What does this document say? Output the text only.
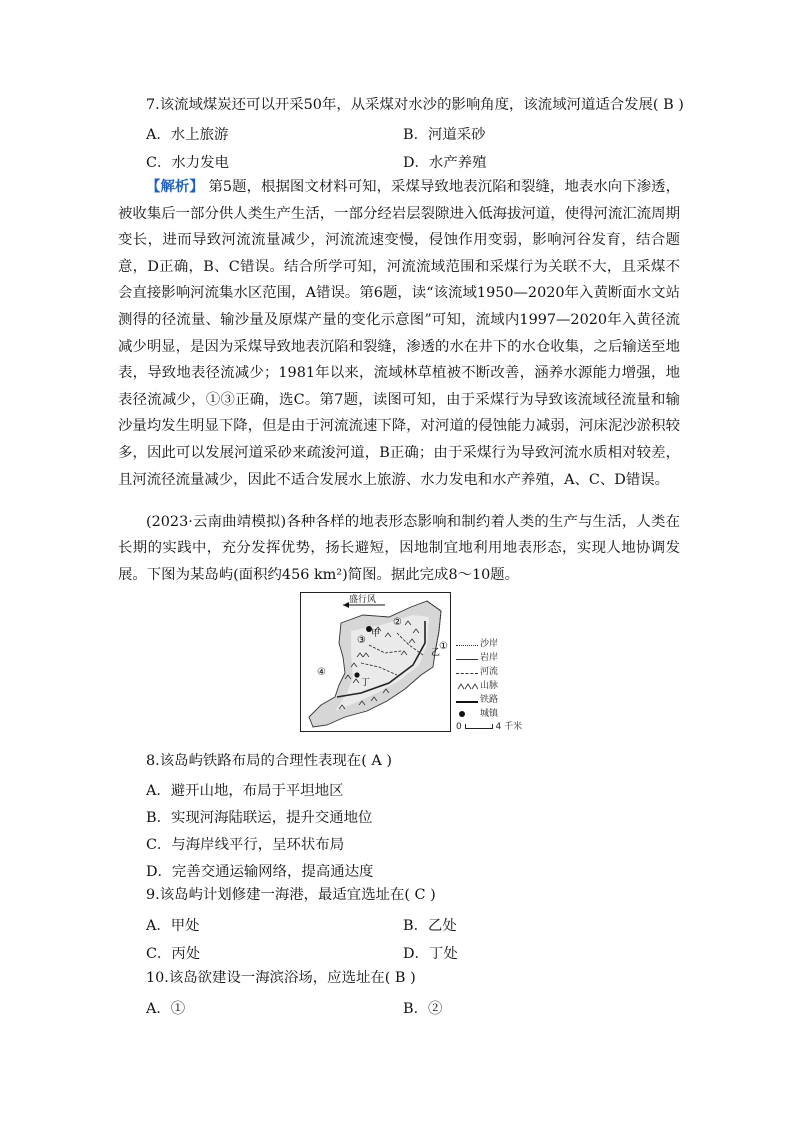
7.该流域煤炭还可以开采50年，从采煤对水沙的影响角度，该流域河道适合发展( B )
A．水上旅游	B．河道采砂
C．水力发电	D．水产养殖
【解析】 第5题，根据图文材料可知，采煤导致地表沉陷和裂缝，地表水向下渗透，被收集后一部分供人类生产生活，一部分经岩层裂隙进入低海拔河道，使得河流汇流周期变长，进而导致河流流量减少，河流流速变慢，侵蚀作用变弱，影响河谷发育，结合题意，D正确，B、C错误。结合所学可知，河流流域范围和采煤行为关联不大，且采煤不会直接影响河流集水区范围，A错误。第6题，读“该流域1950—2020年入黄断面水文站测得的径流量、输沙量及原煤产量的变化示意图”可知，流域内1997—2020年入黄径流减少明显，是因为采煤导致地表沉陷和裂缝，渗透的水在井下的水仓收集，之后输送至地表，导致地表径流减少；1981年以来，流域林草植被不断改善，涵养水源能力增强，地表径流减少，①③正确，选C。第7题，读图可知，由于采煤行为导致该流域径流量和输沙量均发生明显下降，但是由于河流流速下降，对河道的侵蚀能力减弱，河床泥沙淤积较多，因此可以发展河道采砂来疏浚河道，B正确；由于采煤行为导致河流水质相对较差，且河流径流量减少，因此不适合发展水上旅游、水力发电和水产养殖，A、C、D错误。
(2023·云南曲靖模拟)各种各样的地表形态影响和制约着人类的生产与生活，人类在长期的实践中，充分发挥优势，扬长避短，因地制宜地利用地表形态，实现人地协调发展。下图为某岛屿(面积约456 km²)简图。据此完成8～10题。
盛行风
甲
乙
丁
②
③
①
④
沙岸
岩岸
河流
山脉
铁路
城镇
0	4 千米
8.该岛屿铁路布局的合理性表现在( A )
A．避开山地，布局于平坦地区
B．实现河海陆联运，提升交通地位
C．与海岸线平行，呈环状布局
D．完善交通运输网络，提高通达度
9.该岛屿计划修建一海港，最适宜选址在( C )
A．甲处	B．乙处
C．丙处	D．丁处
10.该岛欲建设一海滨浴场，应选址在( B )
A．①	B．②
